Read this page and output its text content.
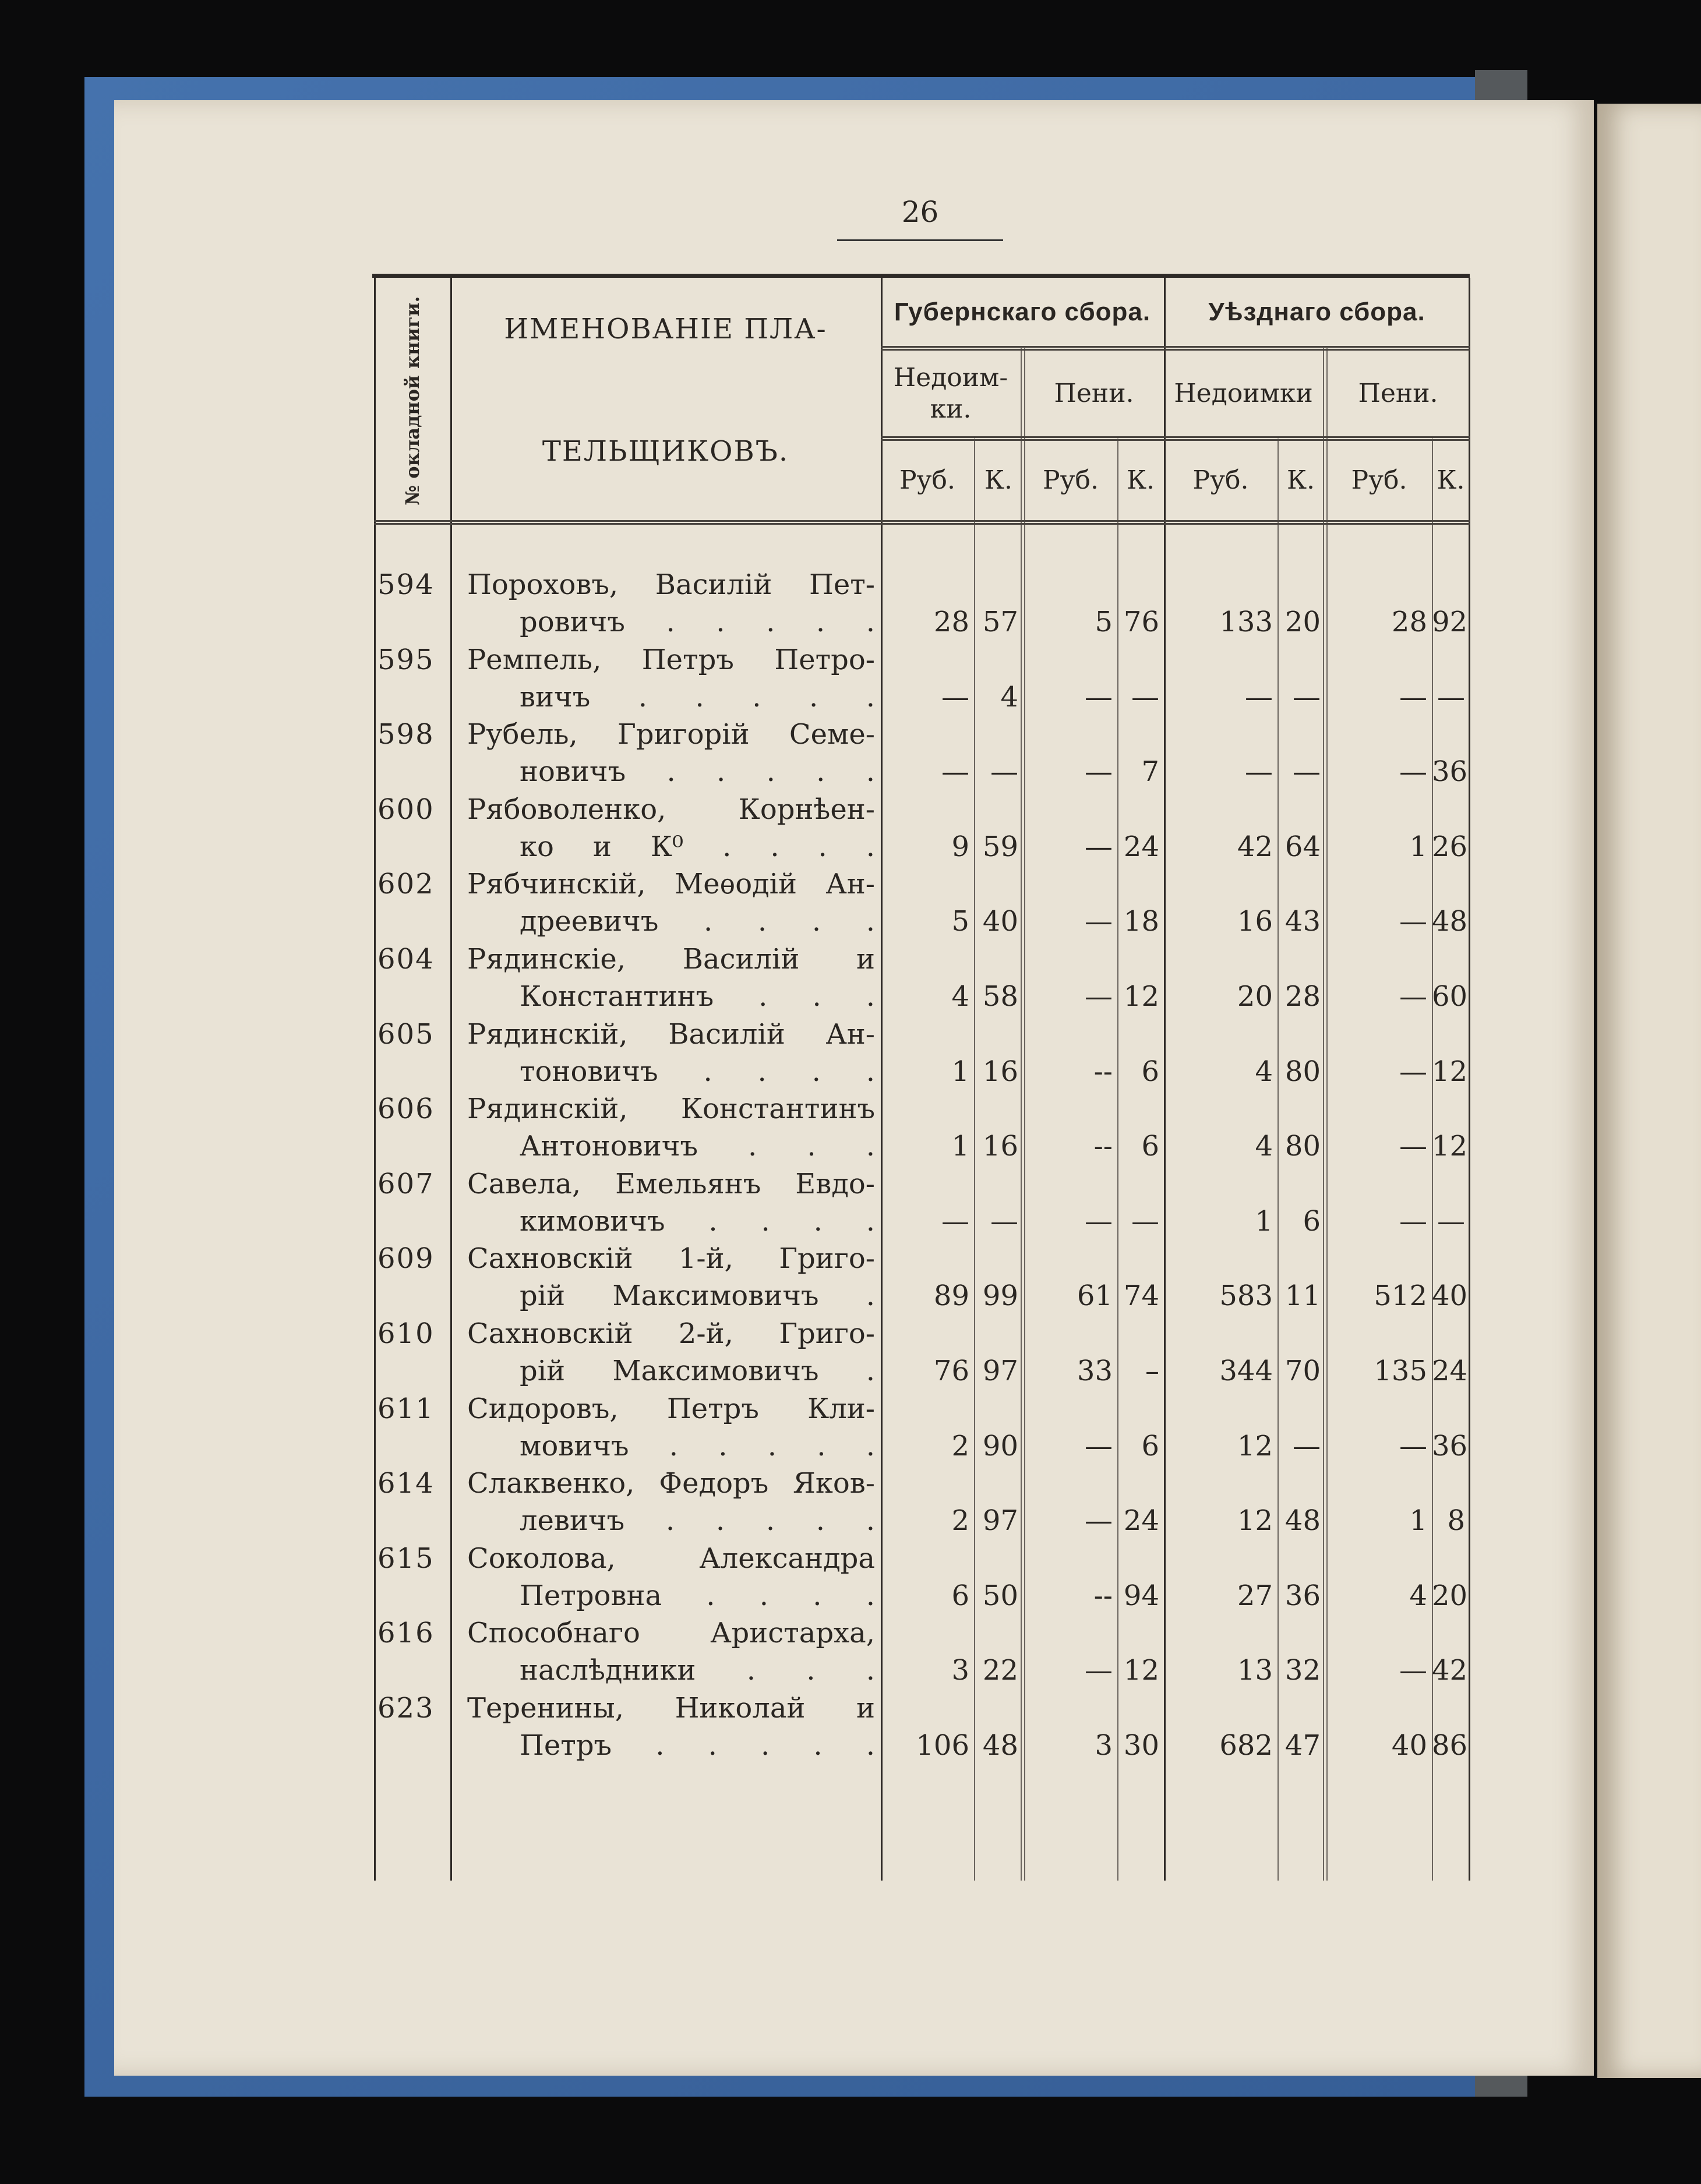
26
№ окладной книги.	ИМЕНОВАНІЕ ПЛА-
ТЕЛЬЩИКОВЪ.
Губернскаго сбора.	Уѣзднаго сбора.
Недоим-
ки.
Пени.	Недоимки	Пени.
Руб.	К.	Руб.	К.	Руб.	К.	Руб.	К.
594	Пороховъ, Василій Пет-
ровичъ . . . . .	28 57	5 76	133 20	28 92
595	Ремпель, Петръ Петро-
вичъ . . . . .	—	4	— —	— —	— —
598	Рубель, Григорій Семе-
новичъ . . . . .	— —	—	7	— —	— 36
600	Рябоволенко, Корнѣен-
ко и К⁰ . . . .	9 59	— 24	42 64	1 26
602	Рябчинскій, Меѳодій Ан-
дреевичъ . . . .	5 40	— 18	16 43	— 48
604	Рядинскіе, Василій и
Константинъ . . .	4 58	— 12	20 28	— 60
605	Рядинскій, Василій Ан-
тоновичъ . . . .	1 16	--	6	4 80	— 12
606	Рядинскій, Константинъ
Антоновичъ . . .	1 16	--	6	4 80	— 12
607	Савела, Емельянъ Евдо-
кимовичъ . . . .	— —	— —	1	6	— —
609	Сахновскій 1-й, Григо-
рій Максимовичъ .	89 99	61 74	583 11	512 40
610	Сахновскій 2-й, Григо-
рій Максимовичъ .	76 97	33	–	344 70	135 24
611	Сидоровъ, Петръ Кли-
мовичъ . . . . .	2 90	—	6	12 —	— 36
614	Слаквенко, Федоръ Яков-
левичъ . . . . .	2 97	— 24	12 48	1 8
615	Соколова, Александра
Петровна . . . .	6 50	-- 94	27 36	4 20
616	Способнаго Аристарха,
наслѣдники . . .	3 22	— 12	13 32	— 42
623	Теренины, Николай и
Петръ . . . . .	106 48	3 30	682 47	40 86
